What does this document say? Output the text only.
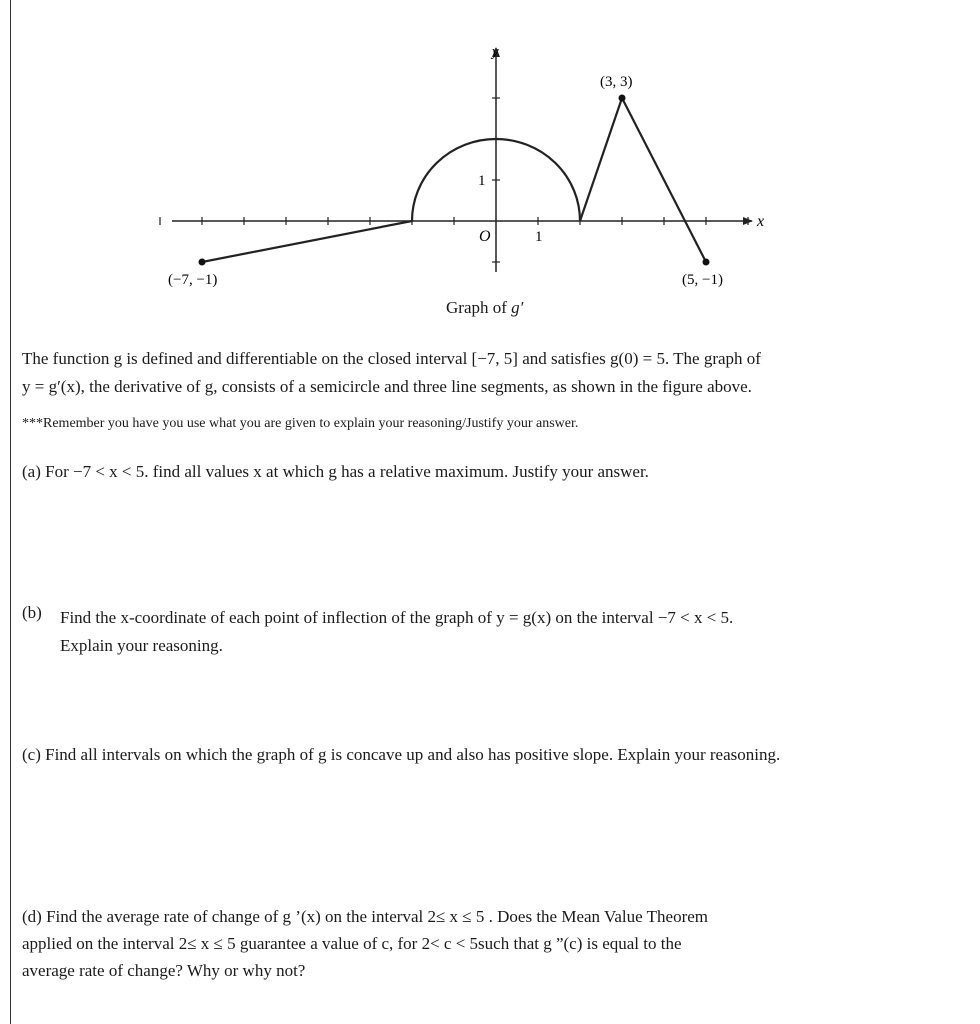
y
x
O	1
1
(−7, −1)
(3, 3)
(5, −1)
Graph of g′
The function g is defined and differentiable on the closed interval [−7, 5] and satisfies g(0) = 5. The graph of
y = g′(x), the derivative of g, consists of a semicircle and three line segments, as shown in the figure above.
***Remember you have you use what you are given to explain your reasoning/Justify your answer.
(a) For −7 < x < 5. find all values x at which g has a relative maximum. Justify your answer.
(b) Find the x-coordinate of each point of inflection of the graph of y = g(x) on the interval −7 < x < 5.
Explain your reasoning.
(c) Find all intervals on which the graph of g is concave up and also has positive slope. Explain your reasoning.
(d) Find the average rate of change of g ’(x) on the interval 2≤ x ≤ 5 . Does the Mean Value Theorem
applied on the interval 2≤ x ≤ 5 guarantee a value of c, for 2< c < 5such that g ”(c) is equal to the
average rate of change? Why or why not?
